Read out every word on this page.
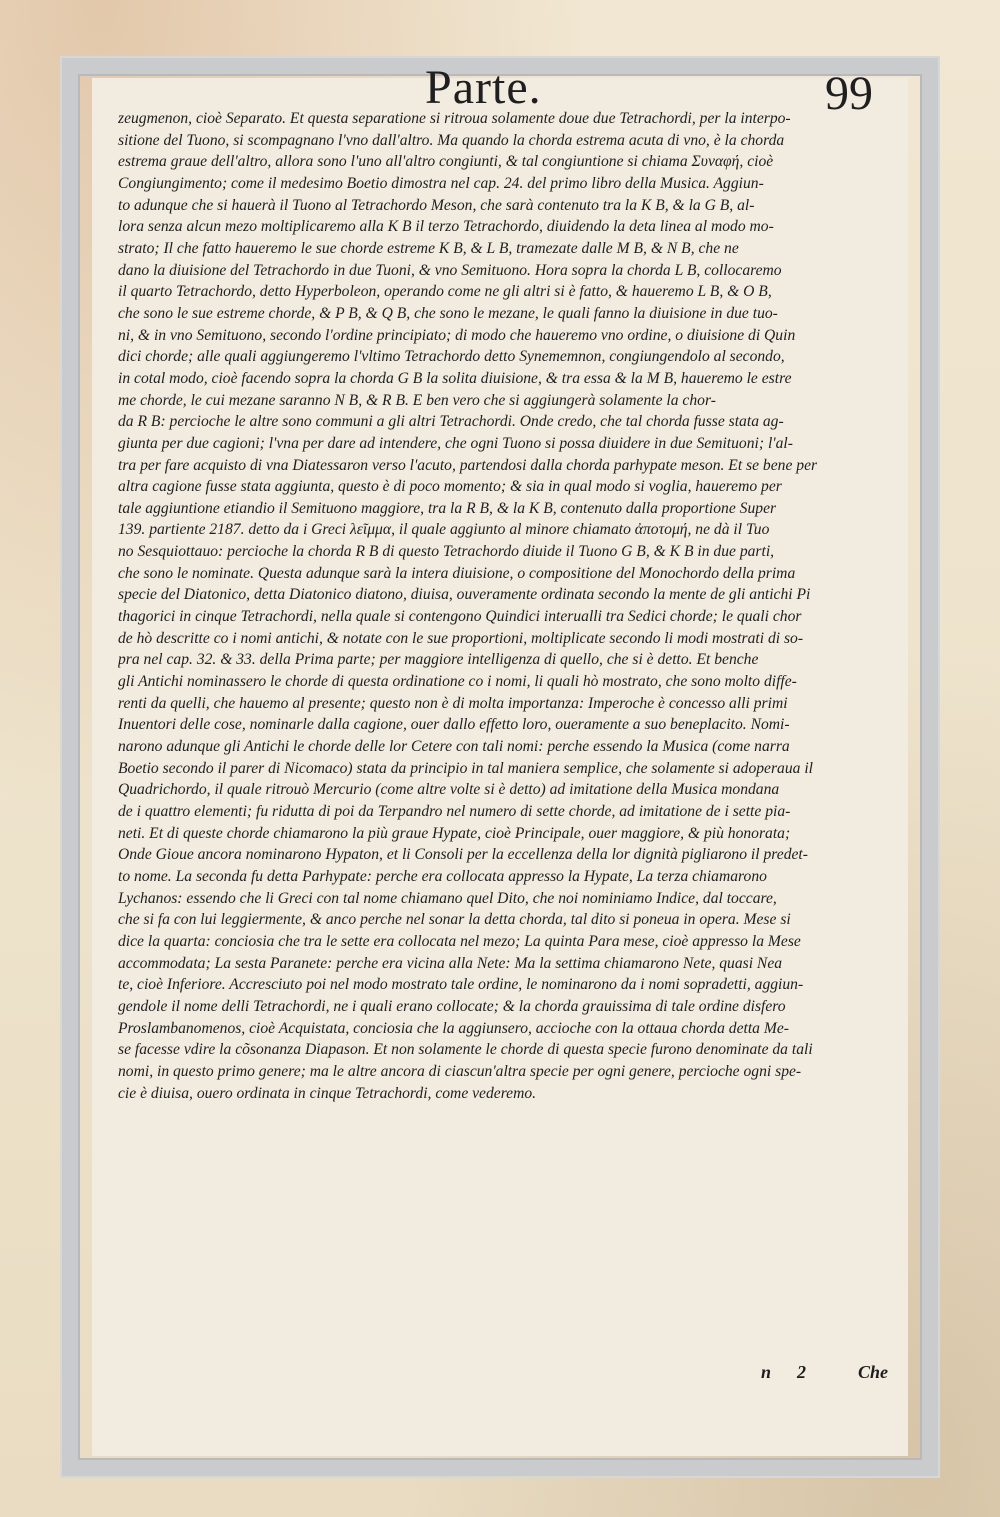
Parte.	99
zeugmenon, cioè Separato. Et questa separatione si ritroua solamente doue due Tetrachordi, per la interpo-
sitione del Tuono, si scompagnano l'vno dall'altro. Ma quando la chorda estrema acuta di vno, è la chorda
estrema graue dell'altro, allora sono l'uno all'altro congiunti, & tal congiuntione si chiama Συναφή, cioè
Congiungimento; come il medesimo Boetio dimostra nel cap. 24. del primo libro della Musica. Aggiun-
to adunque che si hauerà il Tuono al Tetrachordo Meson, che sarà contenuto tra la K B, & la G B, al-
lora senza alcun mezo moltiplicaremo alla K B il terzo Tetrachordo, diuidendo la deta linea al modo mo-
strato; Il che fatto haueremo le sue chorde estreme K B, & L B, tramezate dalle M B, & N B, che ne
dano la diuisione del Tetrachordo in due Tuoni, & vno Semituono. Hora sopra la chorda L B, collocaremo
il quarto Tetrachordo, detto Hyperboleon, operando come ne gli altri si è fatto, & haueremo L B, & O B,
che sono le sue estreme chorde, & P B, & Q B, che sono le mezane, le quali fanno la diuisione in due tuo-
ni, & in vno Semituono, secondo l'ordine principiato; di modo che haueremo vno ordine, o diuisione di Quin
dici chorde; alle quali aggiungeremo l'vltimo Tetrachordo detto Synememnon, congiungendolo al secondo,
in cotal modo, cioè facendo sopra la chorda G B la solita diuisione, & tra essa & la M B, haueremo le estre
me chorde, le cui mezane saranno N B, & R B. E ben vero che si aggiungerà solamente la chor-
da R B: percioche le altre sono communi a gli altri Tetrachordi. Onde credo, che tal chorda fusse stata ag-
giunta per due cagioni; l'vna per dare ad intendere, che ogni Tuono si possa diuidere in due Semituoni; l'al-
tra per fare acquisto di vna Diatessaron verso l'acuto, partendosi dalla chorda parhypate meson. Et se bene per
altra cagione fusse stata aggiunta, questo è di poco momento; & sia in qual modo si voglia, haueremo per
tale aggiuntione etiandio il Semituono maggiore, tra la R B, & la K B, contenuto dalla proportione Super
139. partiente 2187. detto da i Greci λεῖμμα, il quale aggiunto al minore chiamato ἀποτομή, ne dà il Tuo
no Sesquiottauo: percioche la chorda R B di questo Tetrachordo diuide il Tuono G B, & K B in due parti,
che sono le nominate. Questa adunque sarà la intera diuisione, o compositione del Monochordo della prima
specie del Diatonico, detta Diatonico diatono, diuisa, ouveramente ordinata secondo la mente de gli antichi Pi
thagorici in cinque Tetrachordi, nella quale si contengono Quindici interualli tra Sedici chorde; le quali chor
de hò descritte co i nomi antichi, & notate con le sue proportioni, moltiplicate secondo li modi mostrati di so-
pra nel cap. 32. & 33. della Prima parte; per maggiore intelligenza di quello, che si è detto. Et benche
gli Antichi nominassero le chorde di questa ordinatione co i nomi, li quali hò mostrato, che sono molto diffe-
renti da quelli, che hauemo al presente; questo non è di molta importanza: Imperoche è concesso alli primi
Inuentori delle cose, nominarle dalla cagione, ouer dallo effetto loro, oueramente a suo beneplacito. Nomi-
narono adunque gli Antichi le chorde delle lor Cetere con tali nomi: perche essendo la Musica (come narra
Boetio secondo il parer di Nicomaco) stata da principio in tal maniera semplice, che solamente si adoperaua il
Quadrichordo, il quale ritrouò Mercurio (come altre volte si è detto) ad imitatione della Musica mondana
de i quattro elementi; fu ridutta di poi da Terpandro nel numero di sette chorde, ad imitatione de i sette pia-
neti. Et di queste chorde chiamarono la più graue Hypate, cioè Principale, ouer maggiore, & più honorata;
Onde Gioue ancora nominarono Hypaton, et li Consoli per la eccellenza della lor dignità pigliarono il predet-
to nome. La seconda fu detta Parhypate: perche era collocata appresso la Hypate, La terza chiamarono
Lychanos: essendo che li Greci con tal nome chiamano quel Dito, che noi nominiamo Indice, dal toccare,
che si fa con lui leggiermente, & anco perche nel sonar la detta chorda, tal dito si poneua in opera. Mese si
dice la quarta: conciosia che tra le sette era collocata nel mezo; La quinta Para mese, cioè appresso la Mese
accommodata; La sesta Paranete: perche era vicina alla Nete: Ma la settima chiamarono Nete, quasi Nea
te, cioè Inferiore. Accresciuto poi nel modo mostrato tale ordine, le nominarono da i nomi sopradetti, aggiun-
gendole il nome delli Tetrachordi, ne i quali erano collocate; & la chorda grauissima di tale ordine disfero
Proslambanomenos, cioè Acquistata, conciosia che la aggiunsero, accioche con la ottaua chorda detta Me-
se facesse vdire la cõsonanza Diapason. Et non solamente le chorde di questa specie furono denominate da tali
nomi, in questo primo genere; ma le altre ancora di ciascun'altra specie per ogni genere, percioche ogni spe-
cie è diuisa, ouero ordinata in cinque Tetrachordi, come vederemo.
n 2	Che
